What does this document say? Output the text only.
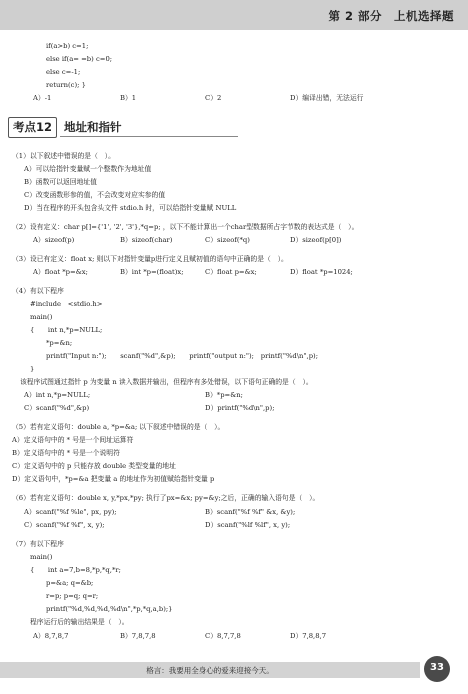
第 2 部分　上机选择题
if(a>b) c=1;
else if(a= =b) c=0;
else c=-1;
return(c); }
A）-1	B）1	C）2	D）编译出错，无法运行
考点12	地址和指针
（1）以下叙述中错误的是（　）。
A）可以给指针变量赋一个整数作为地址值
B）函数可以返回地址值
C）改变函数形参的值，不会改变对应实参的值
D）当在程序的开头包含头文件 stdio.h 时，可以给指针变量赋 NULL
（2）设有定义：char p[]={'1', '2', '3'},*q=p; ，以下不能计算出一个char型数据所占字节数的表达式是（　）。
A）sizeof(p)	B）sizeof(char)	C）sizeof(*q)	D）sizeof(p[0])
（3）设已有定义：float x; 则以下对指针变量p进行定义且赋初值的语句中正确的是（　）。
A）float *p=&x;	B）int *p=(float)x;	C）float p=&x;	D）float *p=1024;
（4）有以下程序
#include　<stdio.h>
main()
{　　int n,*p=NULL;
*p=&n;
printf("Input n:");　　scanf("%d",&p);　　printf("output n:");　printf("%d\n",p);
}
该程序试图通过指针 p 为变量 n 读入数据并输出，但程序有多处错误，以下语句正确的是（　）。
A）int n,*p=NULL;	B）*p=&n;
C）scanf("%d",&p)	D）printf("%d\n",p);
（5）若有定义语句：double a, *p=&a; 以下叙述中错误的是（　）。
A）定义语句中的 * 号是一个间址运算符
B）定义语句中的 * 号是一个说明符
C）定义语句中的 p 只能存放 double 类型变量的地址
D）定义语句中，*p=&a 把变量 a 的地址作为初值赋给指针变量 p
（6）若有定义语句：double x, y,*px,*py; 执行了px=&x; py=&y;之后，正确的输入语句是（　）。
A）scanf("%f %le", px, py);	B）scanf("%f %f" &x, &y);
C）scanf("%f %f", x, y);	D）scanf("%lf %lf", x, y);
（7）有以下程序
main()
{　　int a=7,b=8,*p,*q,*r;
p=&a; q=&b;
r=p; p=q; q=r;
printf("%d,%d,%d,%d\n",*p,*q,a,b);}
程序运行后的输出结果是（　）。
A）8,7,8,7	B）7,8,7,8	C）8,7,7,8	D）7,8,8,7
格言：我要用全身心的爱来迎接今天。	33
